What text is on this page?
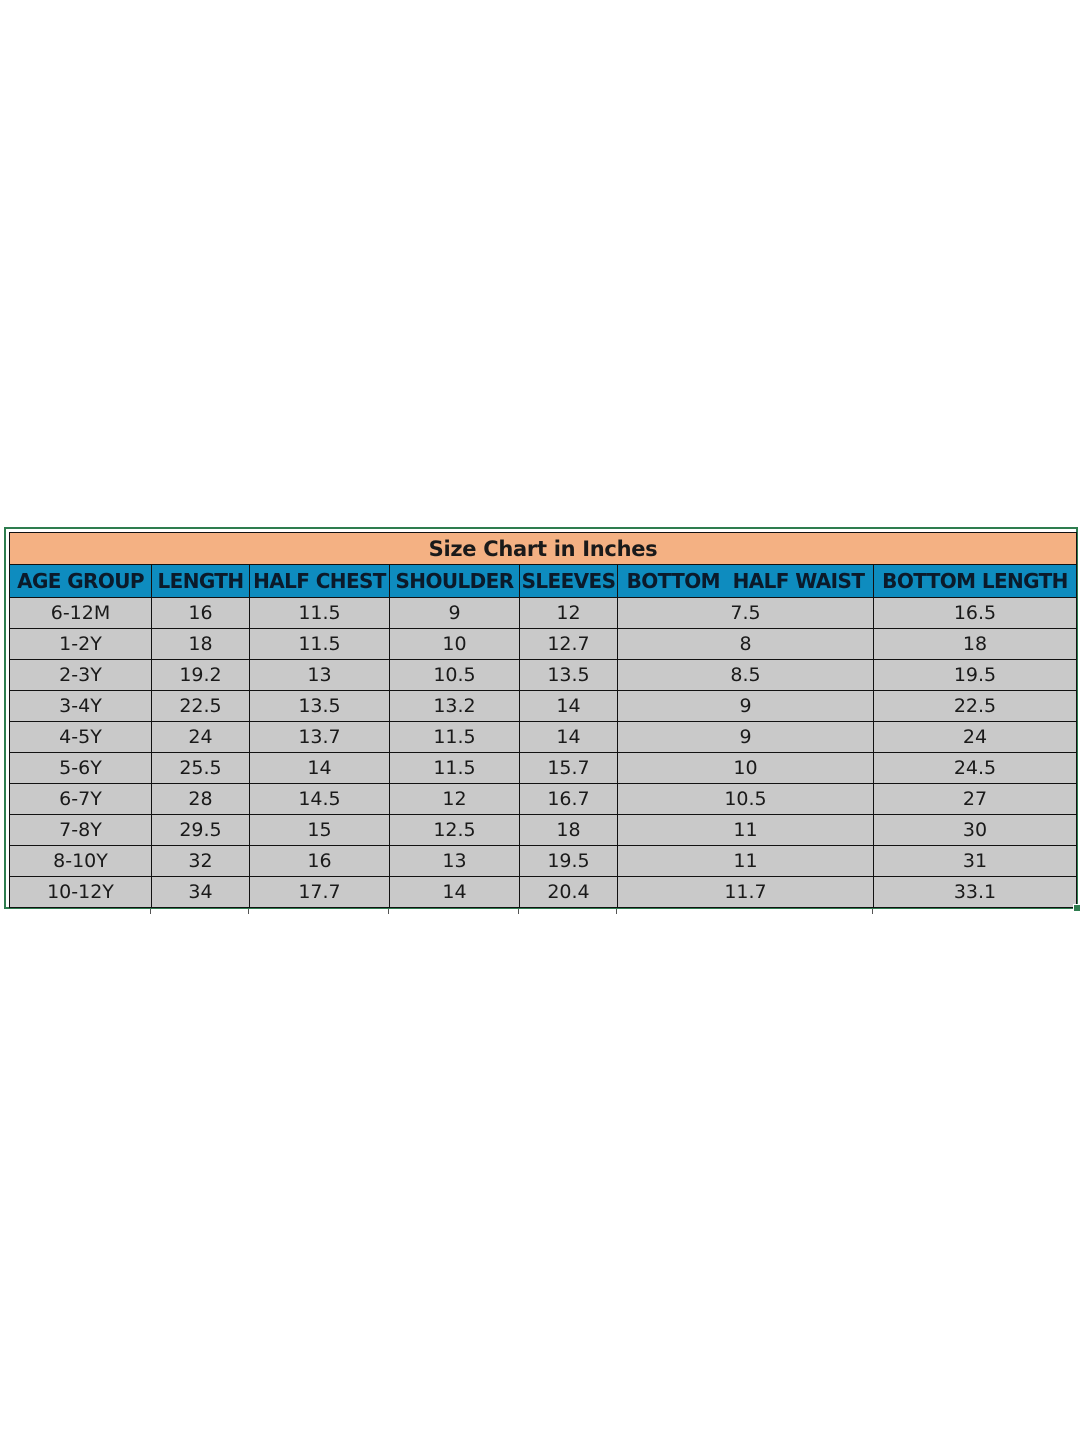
Size Chart in Inches						
AGE GROUP	LENGTH	HALF CHEST	SHOULDER	SLEEVES	BOTTOM  HALF WAIST	BOTTOM LENGTH
6-12M	16	11.5	9	12	7.5	16.5
1-2Y	18	11.5	10	12.7	8	18
2-3Y	19.2	13	10.5	13.5	8.5	19.5
3-4Y	22.5	13.5	13.2	14	9	22.5
4-5Y	24	13.7	11.5	14	9	24
5-6Y	25.5	14	11.5	15.7	10	24.5
6-7Y	28	14.5	12	16.7	10.5	27
7-8Y	29.5	15	12.5	18	11	30
8-10Y	32	16	13	19.5	11	31
10-12Y	34	17.7	14	20.4	11.7	33.1
